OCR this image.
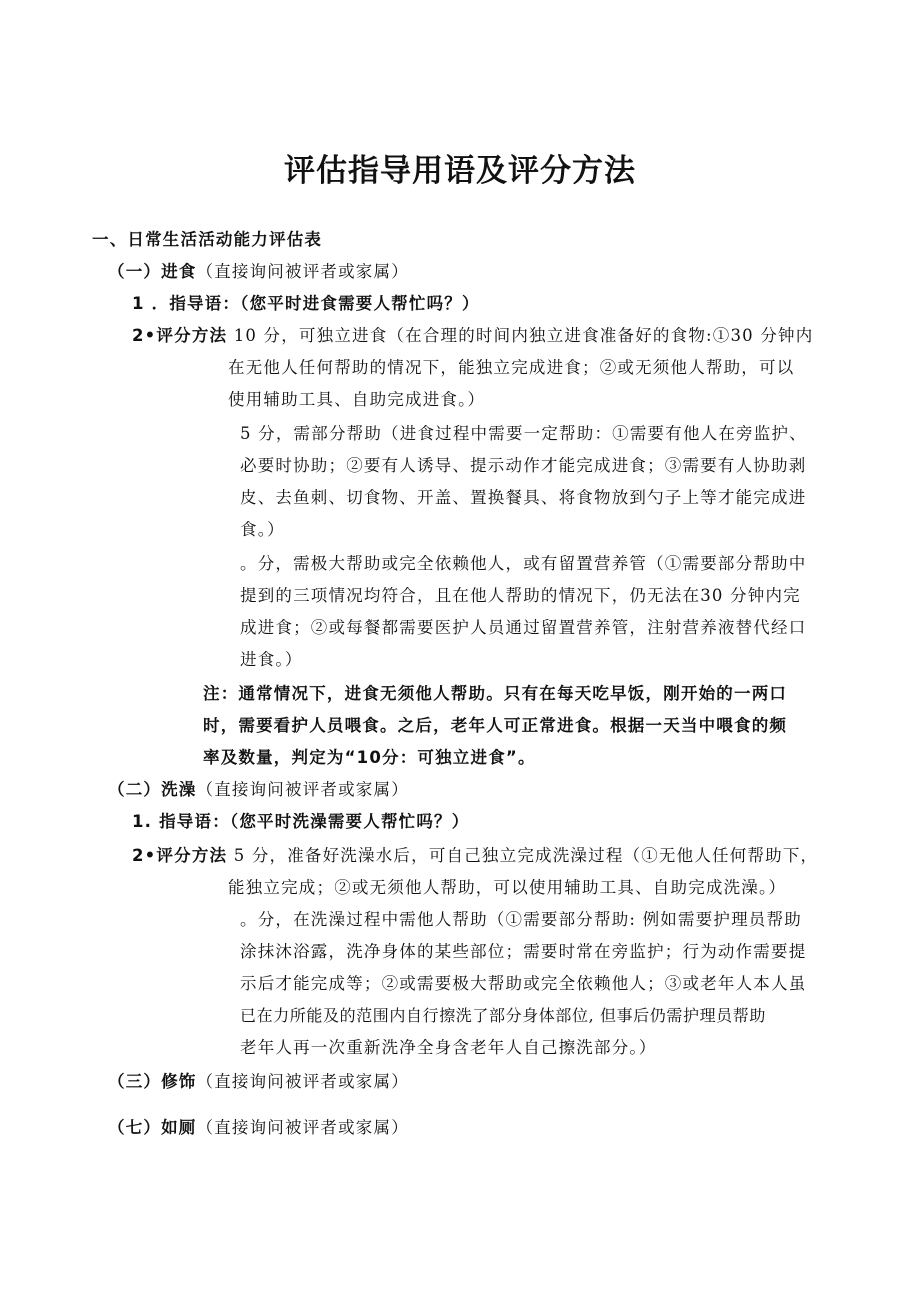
评估指导用语及评分方法

一、日常生活活动能力评估表

（一）进食（直接询问被评者或家属）

1 ．指导语：（您平时进食需要人帮忙吗？）

2•评分方法 10 分，可独立进食（在合理的时间内独立进食准备好的食物:①30 分钟内

在无他人任何帮助的情况下，能独立完成进食；②或无须他人帮助，可以

使用辅助工具、自助完成进食。）

5 分，需部分帮助（进食过程中需要一定帮助：①需要有他人在旁监护、

必要时协助；②要有人诱导、提示动作才能完成进食；③需要有人协助剥

皮、去鱼刺、切食物、开盖、置换餐具、将食物放到勺子上等才能完成进

食。）

。分，需极大帮助或完全依赖他人，或有留置营养管（①需要部分帮助中

提到的三项情况均符合，且在他人帮助的情况下，仍无法在30 分钟内完

成进食；②或每餐都需要医护人员通过留置营养管，注射营养液替代经口

进食。）

注：通常情况下，进食无须他人帮助。只有在每天吃早饭，刚开始的一两口

时，需要看护人员喂食。之后，老年人可正常进食。根据一天当中喂食的频

率及数量，判定为“10分：可独立进食”。

（二）洗澡（直接询问被评者或家属）

1. 指导语：（您平时洗澡需要人帮忙吗？）

2•评分方法 5 分，准备好洗澡水后，可自己独立完成洗澡过程（①无他人任何帮助下，

能独立完成；②或无须他人帮助，可以使用辅助工具、自助完成洗澡。）

。分，在洗澡过程中需他人帮助（①需要部分帮助: 例如需要护理员帮助

涂抹沐浴露，洗净身体的某些部位；需要时常在旁监护；行为动作需要提

示后才能完成等；②或需要极大帮助或完全依赖他人；③或老年人本人虽

已在力所能及的范围内自行擦洗了部分身体部位, 但事后仍需护理员帮助

老年人再一次重新洗净全身含老年人自己擦洗部分。）

（三）修饰（直接询问被评者或家属）

（七）如厕（直接询问被评者或家属）
